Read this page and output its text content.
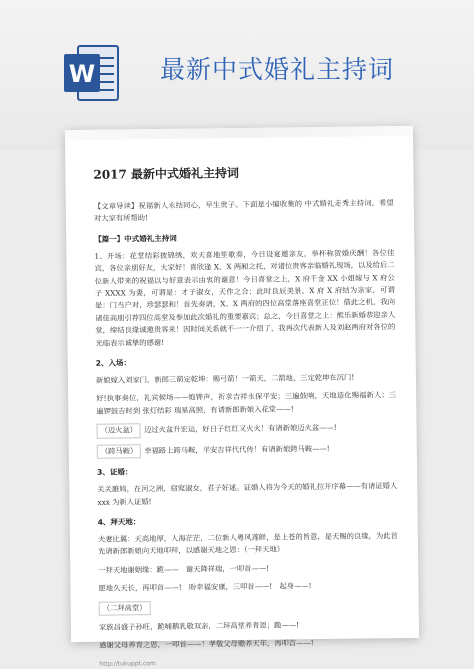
W	最新中式婚礼主持词
2017 最新中式婚礼主持词
【文章导读】祝福新人永结同心，早生贵子。下面是小编收集的 中式婚礼走秀主持词，希望对大家有所帮助!
【篇一】中式婚礼主持词
1、开场：花堂结彩披锦绣，欢天喜地笙歌奏，今日设宴邀亲友，举杯称贺婚庆酬！各位佳宾，各位亲朋好友，大家好！喜欣逢 X、X 两厢之托，对诸位贵客亲临婚礼现场，以及给后二位新人带来的祝福以与好意表示由衷的谢意！今日喜堂之上，X 府千金 XX 小姐嫁与 X 府公子 XXXX 为妻，可谓是：才子淑女，天作之合；此时良辰美景，X 府 X 府结为亲家，可谓是：门当户对，珍瑟瑟和！首先奏请，X、X 两府的四位高堂落座喜堂正位！借此之机，我向诸佳高朋引荐四位高堂及参加此次婚礼的重要嘉宾；总之，今日喜堂之上：熊乐新婚恭迎亲人堂，缔结良缘诚邀贵客来！因时间关系就不一一介绍了，我再次代表新人及刘赵两府对各位的光临表示诚挚的感谢!
2、入场：
新娘嫁入刘家门，新郎三箭定乾坤：赐弓箭！一箭天，二箭地，三定乾坤在沉门!
好!执事奏位，礼宾候场——炮铧声，祈求吉祥永保平安；三遍鼓响，天地造化赐福新人；三遍锣鼓吉时到 张灯结彩 瑞星高照，有请新郎新娘入花堂——!
（迈火盆） 迈过火盆升宏运，好日子红红又火火！有请新娘迈火盆——!
（跨马鞍） 幸福路上跨马鞍，平安吉祥代代传！有请新娘跨马鞍——!
3、证婚：
关关雎鸠，在河之洲，窈窕淑女，君子好逑。证婚人将为今天的婚礼拉开序幕——有请证婚人 xxx 为新人证婚!
4、拜天地：
夫妻比翼：天高地厚，人海茫茫，二位新人粤风莲鲜，是上苍的旨意，是天赐的良缘，为此首先请新郎新娘向天地叩拜，以感谢天地之恩：（一拜天地）
一拜天地谢姻缘：跪——　谢天降祥瑞，一叩首——!
愿地久天长，再叩首——!　盼幸福安康，三叩首——!　起身——!
（二拜高堂）
家族昌盛子孙旺，跪哺鹅乳敬双亲，二拜高堂养育恩；跪——!
感谢父母养育之恩，一叩首——！孝敬父母赡养天年，再叩首——!
http://tukuppt.com
